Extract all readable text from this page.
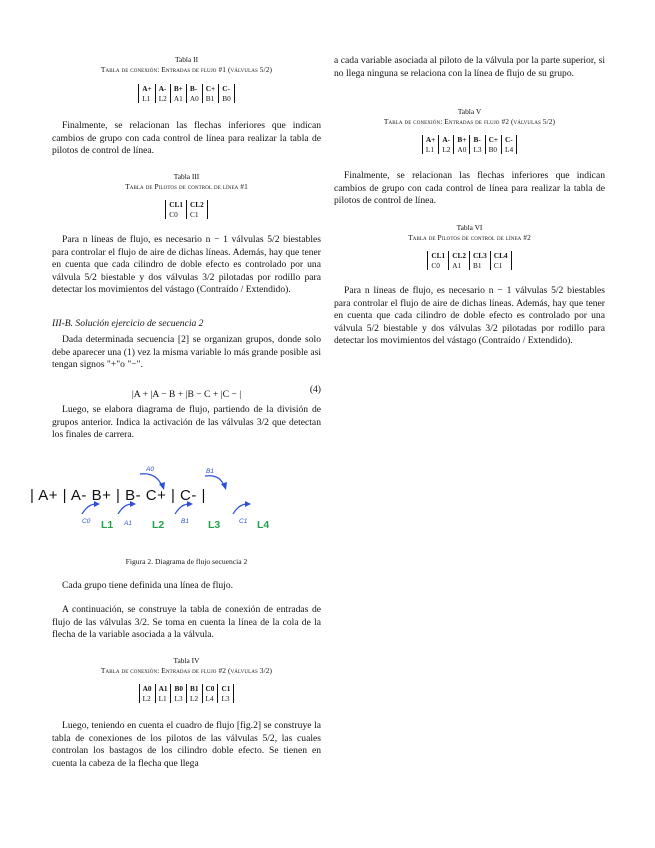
Tabla II
Tabla de conexión: Entradas de flujo #1 (válvulas 5/2)
A+	A-	B+	B-	C+	C-
L1	L2	A1	A0	B1	B0

Finalmente, se relacionan las flechas inferiores que indican cambios de grupo con cada control de línea para realizar la tabla de pilotos de control de línea.

Tabla III
Tabla de Pilotos de control de línea #1
CL1	CL2
C0	C1

Para n líneas de flujo, es necesario n − 1 válvulas 5/2 biestables para controlar el flujo de aire de dichas líneas. Además, hay que tener en cuenta que cada cilindro de doble efecto es controlado por una válvula 5/2 biestable y dos válvulas 3/2 pilotadas por rodillo para detectar los movimientos del vástago (Contraído / Extendido).

III-B. Solución ejercicio de secuencia 2

Dada determinada secuencia [2] se organizan grupos, donde solo debe aparecer una (1) vez la misma variable lo más grande posible asi tengan signos "+"o "−".

|A + |A − B + |B − C + |C − |	(4)

Luego, se elabora diagrama de flujo, partiendo de la división de grupos anterior. Indica la activación de las válvulas 3/2 que detectan los finales de carrera.

Figura 2. Diagrama de flujo secuencia 2

Cada grupo tiene definida una línea de flujo.

A continuación, se construye la tabla de conexión de entradas de flujo de las válvulas 3/2. Se toma en cuenta la línea de la cola de la flecha de la variable asociada a la válvula.

Tabla IV
Tabla de conexión: Entradas de flujo #2 (válvulas 3/2)
A0	A1	B0	B1	C0	C1
L2	L1	L3	L2	L4	L3

Luego, teniendo en cuenta el cuadro de flujo [fig.2] se construye la tabla de conexiones de los pilotos de las válvulas 5/2, las cuales controlan los bastagos de los cilindro doble efecto. Se tienen en cuenta la cabeza de la flecha que llega

| A+ | A- B+ | B- C+ | C- |
A0	B1
C0	A1	B1	C1
L1	L2	L3	L4

a cada variable asociada al piloto de la válvula por la parte superior, si no llega ninguna se relaciona con la línea de flujo de su grupo.

Tabla V
Tabla de conexión: Entradas de flujo #2 (válvulas 5/2)
A+	A-	B+	B-	C+	C-
L1	L2	A0	L3	B0	L4

Finalmente, se relacionan las flechas inferiores que indican cambios de grupo con cada control de línea para realizar la tabla de pilotos de control de línea.

Tabla VI
Tabla de Pilotos de control de línea #2
CL1	CL2	CL3	CL4
C0	A1	B1	C1

Para n líneas de flujo, es necesario n − 1 válvulas 5/2 biestables para controlar el flujo de aire de dichas líneas. Además, hay que tener en cuenta que cada cilindro de doble efecto es controlado por una válvula 5/2 biestable y dos válvulas 3/2 pilotadas por rodillo para detectar los movimientos del vástago (Contraído / Extendido).
